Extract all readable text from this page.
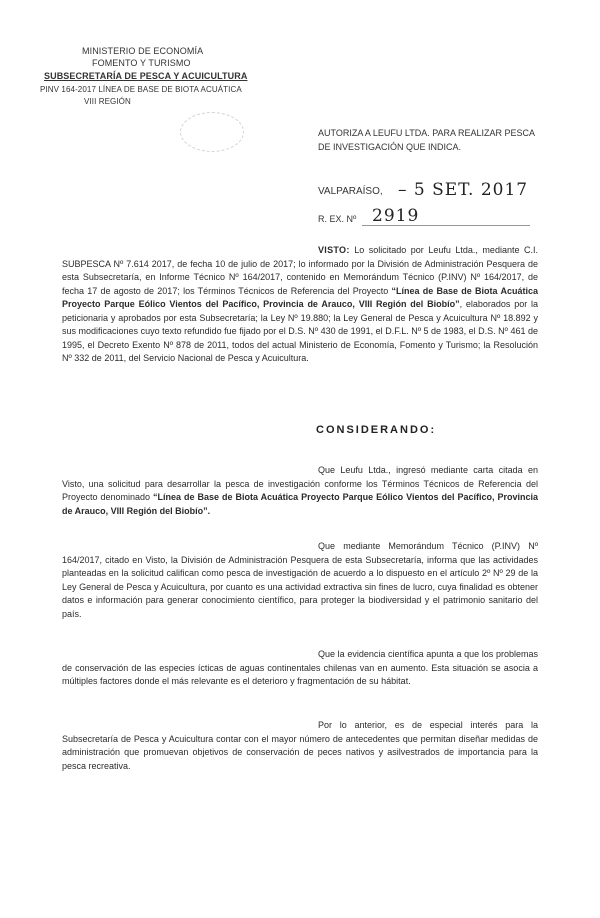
MINISTERIO DE ECONOMÍA
FOMENTO Y TURISMO
SUBSECRETARÍA DE PESCA Y ACUICULTURA
PINV 164-2017 LÍNEA DE BASE DE BIOTA ACUÁTICA
VIII REGIÓN
AUTORIZA A LEUFU LTDA. PARA REALIZAR PESCA DE INVESTIGACIÓN QUE INDICA.
VALPARAÍSO, – 5 SET. 2017
R. EX. Nº 2919
VISTO: Lo solicitado por Leufu Ltda., mediante C.I. SUBPESCA Nº 7.614 2017, de fecha 10 de julio de 2017; lo informado por la División de Administración Pesquera de esta Subsecretaría, en Informe Técnico Nº 164/2017, contenido en Memorándum Técnico (P.INV) Nº 164/2017, de fecha 17 de agosto de 2017; los Términos Técnicos de Referencia del Proyecto “Línea de Base de Biota Acuática Proyecto Parque Eólico Vientos del Pacífico, Provincia de Arauco, VIII Región del Biobío”, elaborados por la peticionaria y aprobados por esta Subsecretaría; la Ley Nº 19.880; la Ley General de Pesca y Acuicultura Nº 18.892 y sus modificaciones cuyo texto refundido fue fijado por el D.S. Nº 430 de 1991, el D.F.L. Nº 5 de 1983, el D.S. Nº 461 de 1995, el Decreto Exento Nº 878 de 2011, todos del actual Ministerio de Economía, Fomento y Turismo; la Resolución Nº 332 de 2011, del Servicio Nacional de Pesca y Acuicultura.
CONSIDERANDO:
Que Leufu Ltda., ingresó mediante carta citada en Visto, una solicitud para desarrollar la pesca de investigación conforme los Términos Técnicos de Referencia del Proyecto denominado “Línea de Base de Biota Acuática Proyecto Parque Eólico Vientos del Pacífico, Provincia de Arauco, VIII Región del Biobío”.
Que mediante Memorándum Técnico (P.INV) Nº 164/2017, citado en Visto, la División de Administración Pesquera de esta Subsecretaría, informa que las actividades planteadas en la solicitud califican como pesca de investigación de acuerdo a lo dispuesto en el artículo 2º Nº 29 de la Ley General de Pesca y Acuicultura, por cuanto es una actividad extractiva sin fines de lucro, cuya finalidad es obtener datos e información para generar conocimiento científico, para proteger la biodiversidad y el patrimonio sanitario del país.
Que la evidencia científica apunta a que los problemas de conservación de las especies ícticas de aguas continentales chilenas van en aumento. Esta situación se asocia a múltiples factores donde el más relevante es el deterioro y fragmentación de su hábitat.
Por lo anterior, es de especial interés para la Subsecretaría de Pesca y Acuicultura contar con el mayor número de antecedentes que permitan diseñar medidas de administración que promuevan objetivos de conservación de peces nativos y asilvestrados de importancia para la pesca recreativa.
